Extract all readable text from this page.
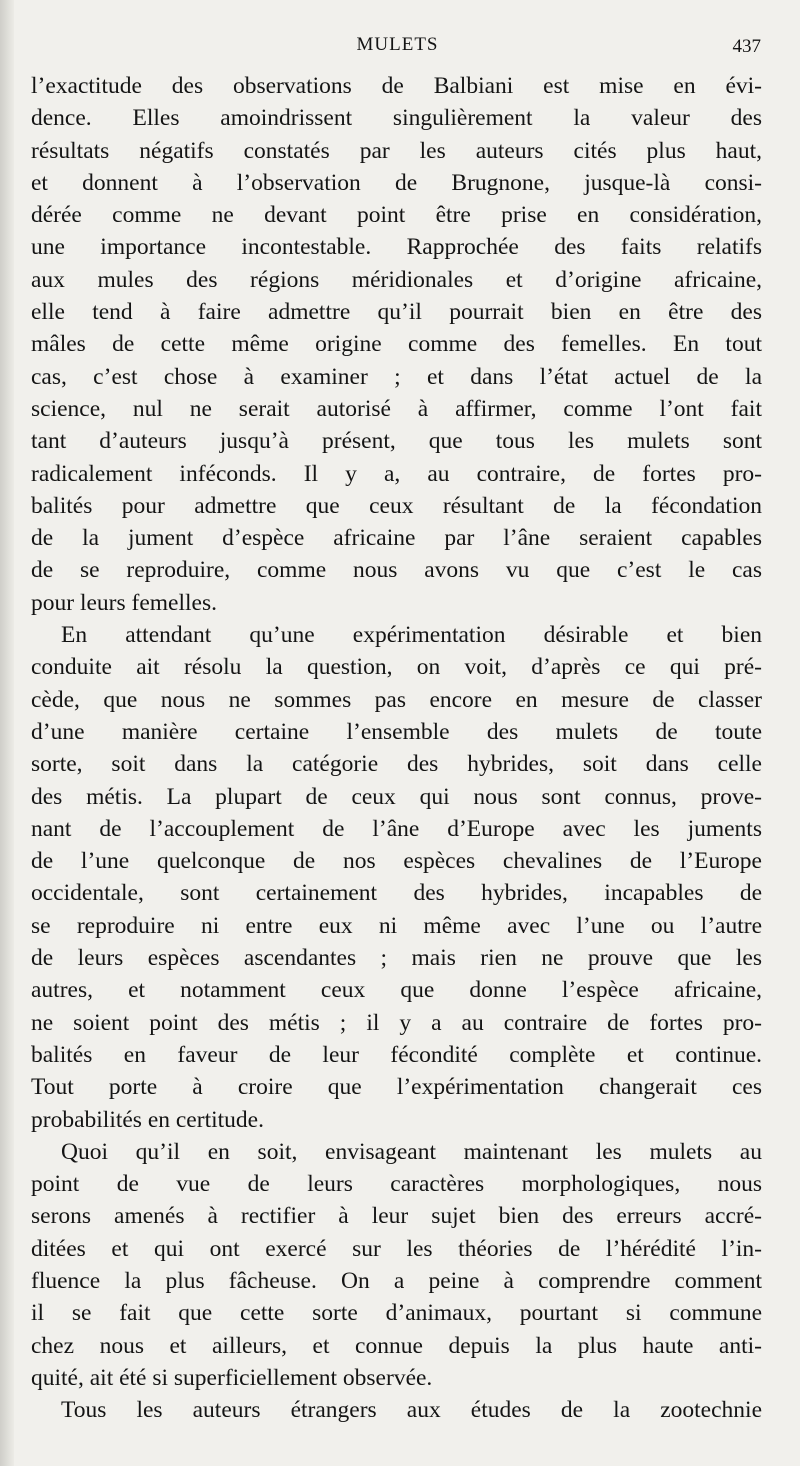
MULETS	437
l’exactitude des observations de Balbiani est mise en évi-
dence. Elles amoindrissent singulièrement la valeur des
résultats négatifs constatés par les auteurs cités plus haut,
et donnent à l’observation de Brugnone, jusque-là consi-
dérée comme ne devant point être prise en considération,
une importance incontestable. Rapprochée des faits relatifs
aux mules des régions méridionales et d’origine africaine,
elle tend à faire admettre qu’il pourrait bien en être des
mâles de cette même origine comme des femelles. En tout
cas, c’est chose à examiner ; et dans l’état actuel de la
science, nul ne serait autorisé à affirmer, comme l’ont fait
tant d’auteurs jusqu’à présent, que tous les mulets sont
radicalement inféconds. Il y a, au contraire, de fortes pro-
balités pour admettre que ceux résultant de la fécondation
de la jument d’espèce africaine par l’âne seraient capables
de se reproduire, comme nous avons vu que c’est le cas
pour leurs femelles.
En attendant qu’une expérimentation désirable et bien
conduite ait résolu la question, on voit, d’après ce qui pré-
cède, que nous ne sommes pas encore en mesure de classer
d’une manière certaine l’ensemble des mulets de toute
sorte, soit dans la catégorie des hybrides, soit dans celle
des métis. La plupart de ceux qui nous sont connus, prove-
nant de l’accouplement de l’âne d’Europe avec les juments
de l’une quelconque de nos espèces chevalines de l’Europe
occidentale, sont certainement des hybrides, incapables de
se reproduire ni entre eux ni même avec l’une ou l’autre
de leurs espèces ascendantes ; mais rien ne prouve que les
autres, et notamment ceux que donne l’espèce africaine,
ne soient point des métis ; il y a au contraire de fortes pro-
balités en faveur de leur fécondité complète et continue.
Tout porte à croire que l’expérimentation changerait ces
probabilités en certitude.
Quoi qu’il en soit, envisageant maintenant les mulets au
point de vue de leurs caractères morphologiques, nous
serons amenés à rectifier à leur sujet bien des erreurs accré-
ditées et qui ont exercé sur les théories de l’hérédité l’in-
fluence la plus fâcheuse. On a peine à comprendre comment
il se fait que cette sorte d’animaux, pourtant si commune
chez nous et ailleurs, et connue depuis la plus haute anti-
quité, ait été si superficiellement observée.
Tous les auteurs étrangers aux études de la zootechnie
